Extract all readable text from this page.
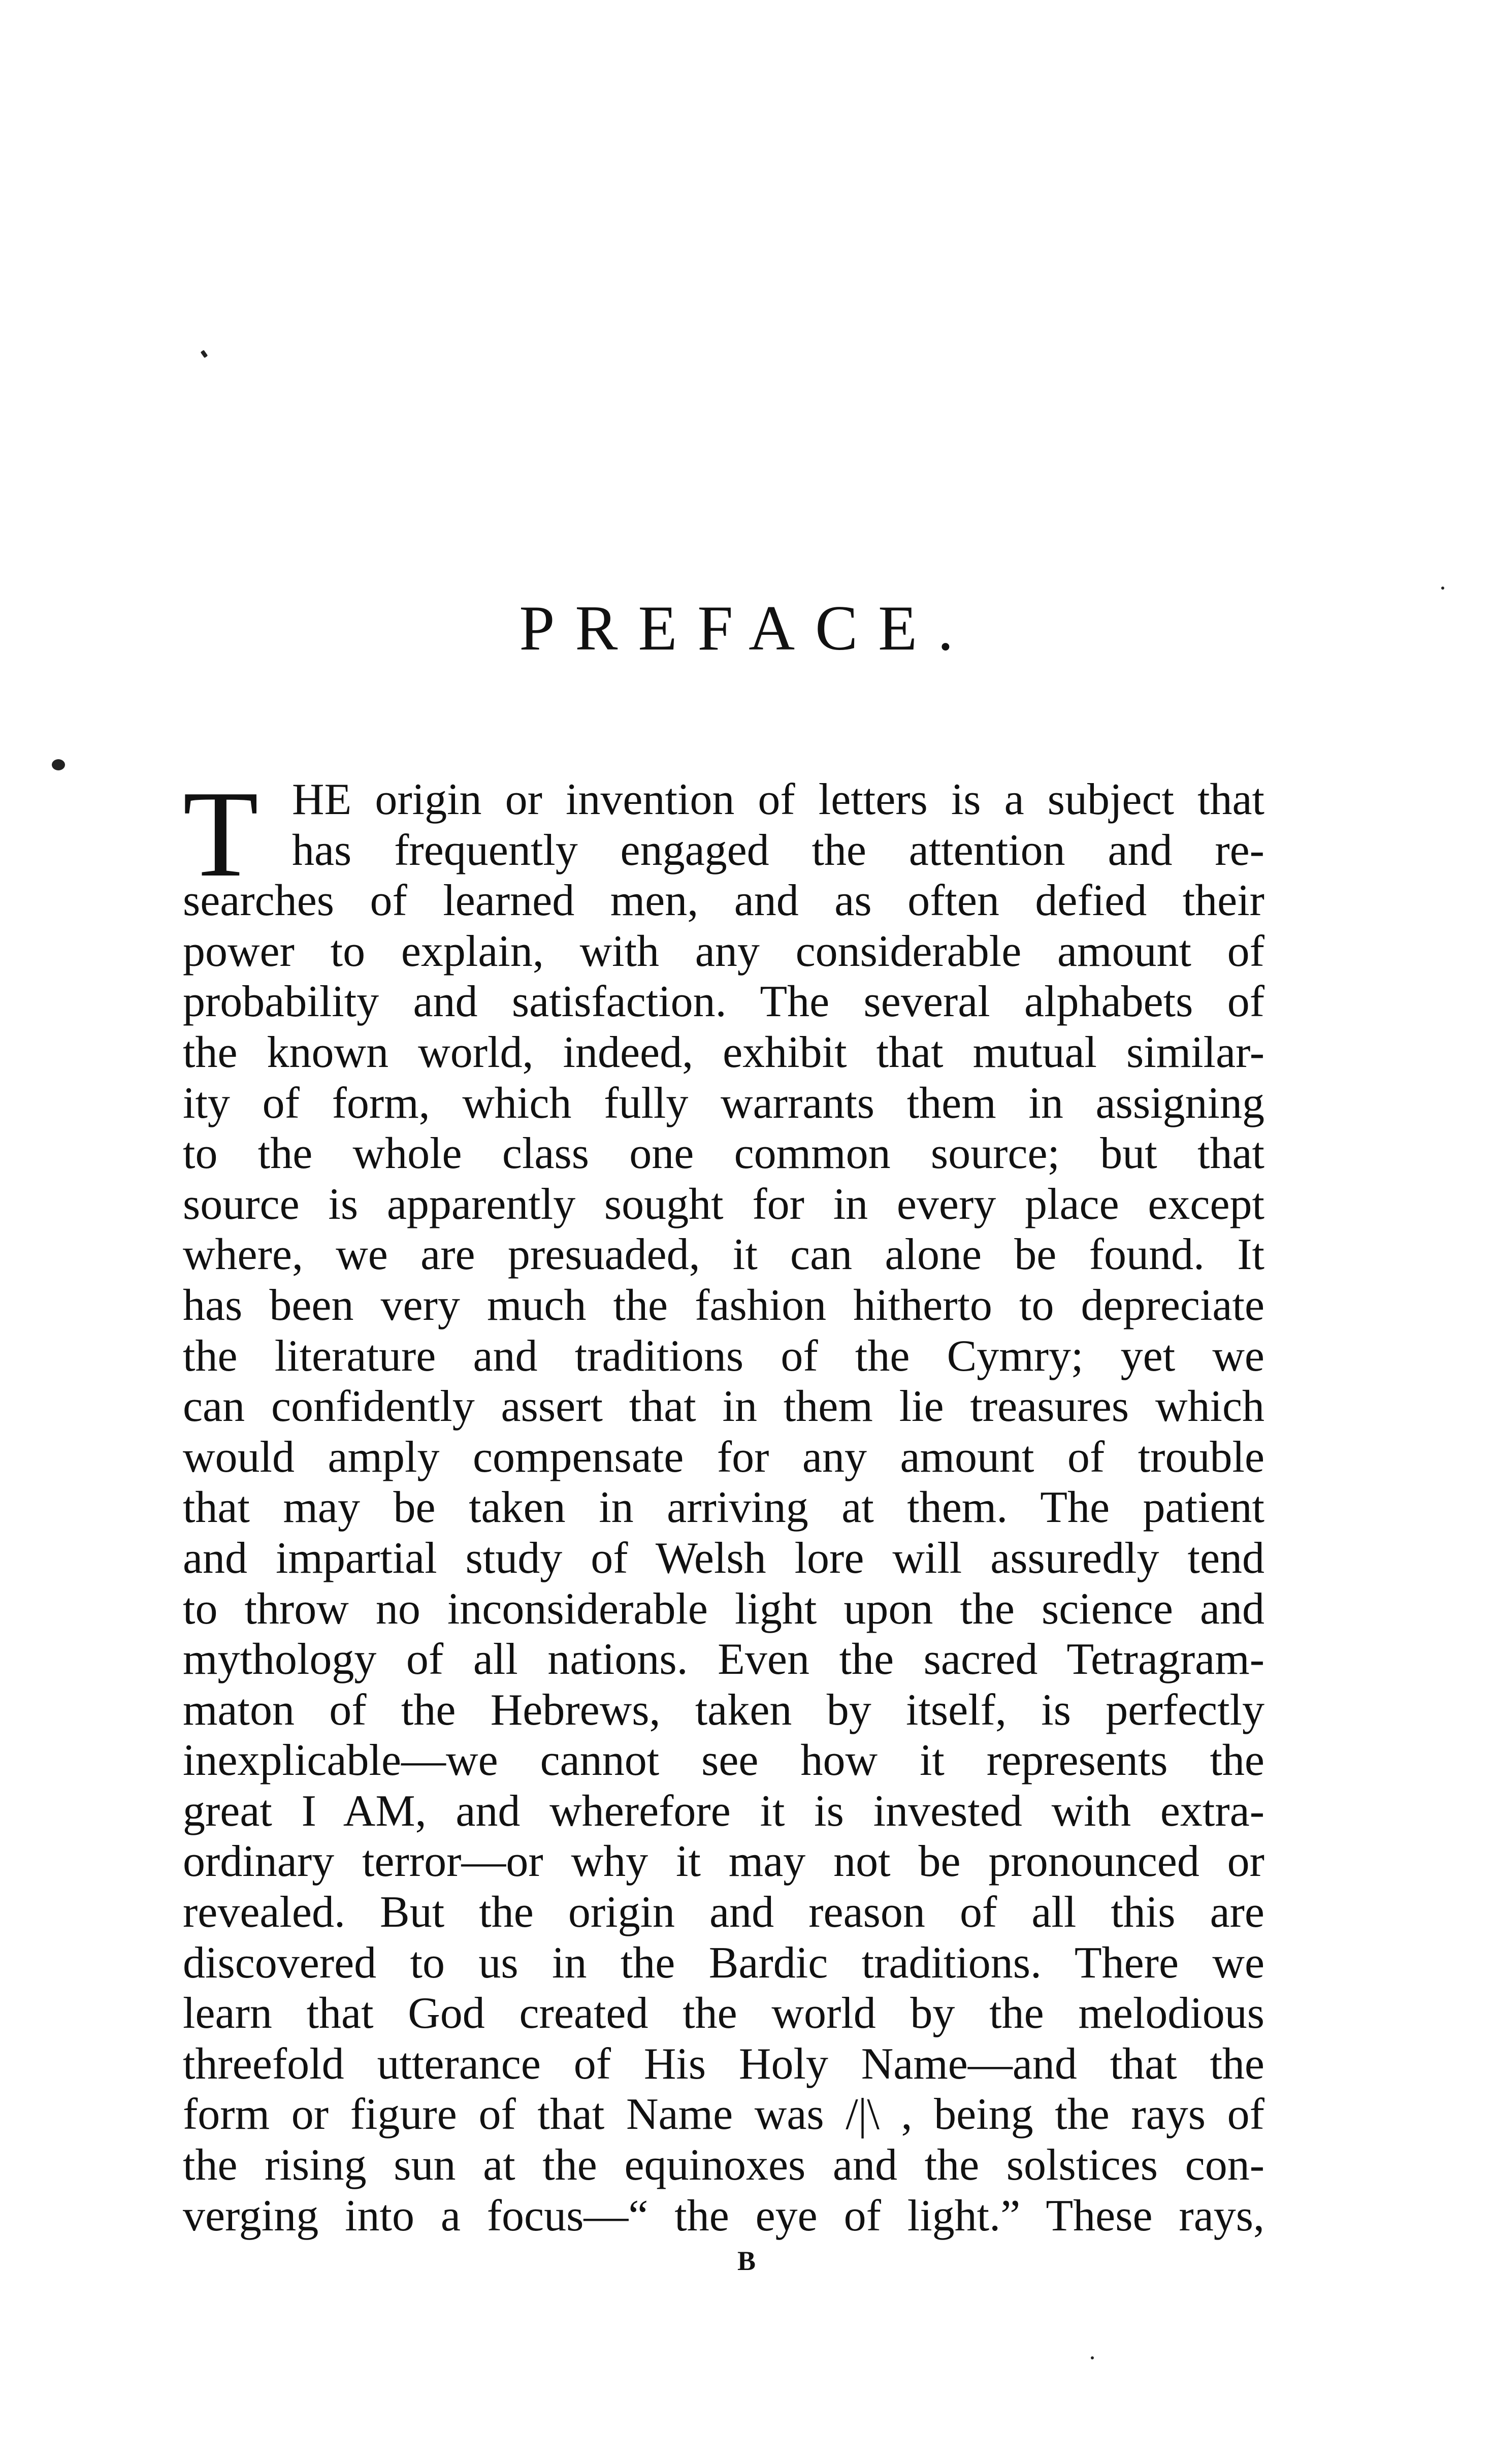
PREFACE.
T HE origin or invention of letters is a subject that
has frequently engaged the attention and re-
searches of learned men, and as often defied their
power to explain, with any considerable amount of
probability and satisfaction. The several alphabets of
the known world, indeed, exhibit that mutual similar-
ity of form, which fully warrants them in assigning
to the whole class one common source; but that
source is apparently sought for in every place except
where, we are presuaded, it can alone be found. It
has been very much the fashion hitherto to depreciate
the literature and traditions of the Cymry; yet we
can confidently assert that in them lie treasures which
would amply compensate for any amount of trouble
that may be taken in arriving at them. The patient
and impartial study of Welsh lore will assuredly tend
to throw no inconsiderable light upon the science and
mythology of all nations. Even the sacred Tetragram-
maton of the Hebrews, taken by itself, is perfectly
inexplicable—we cannot see how it represents the
great I AM, and wherefore it is invested with extra-
ordinary terror—or why it may not be pronounced or
revealed. But the origin and reason of all this are
discovered to us in the Bardic traditions. There we
learn that God created the world by the melodious
threefold utterance of His Holy Name—and that the
form or figure of that Name was /|\ , being the rays of
the rising sun at the equinoxes and the solstices con-
verging into a focus—“ the eye of light.” These rays,
B
